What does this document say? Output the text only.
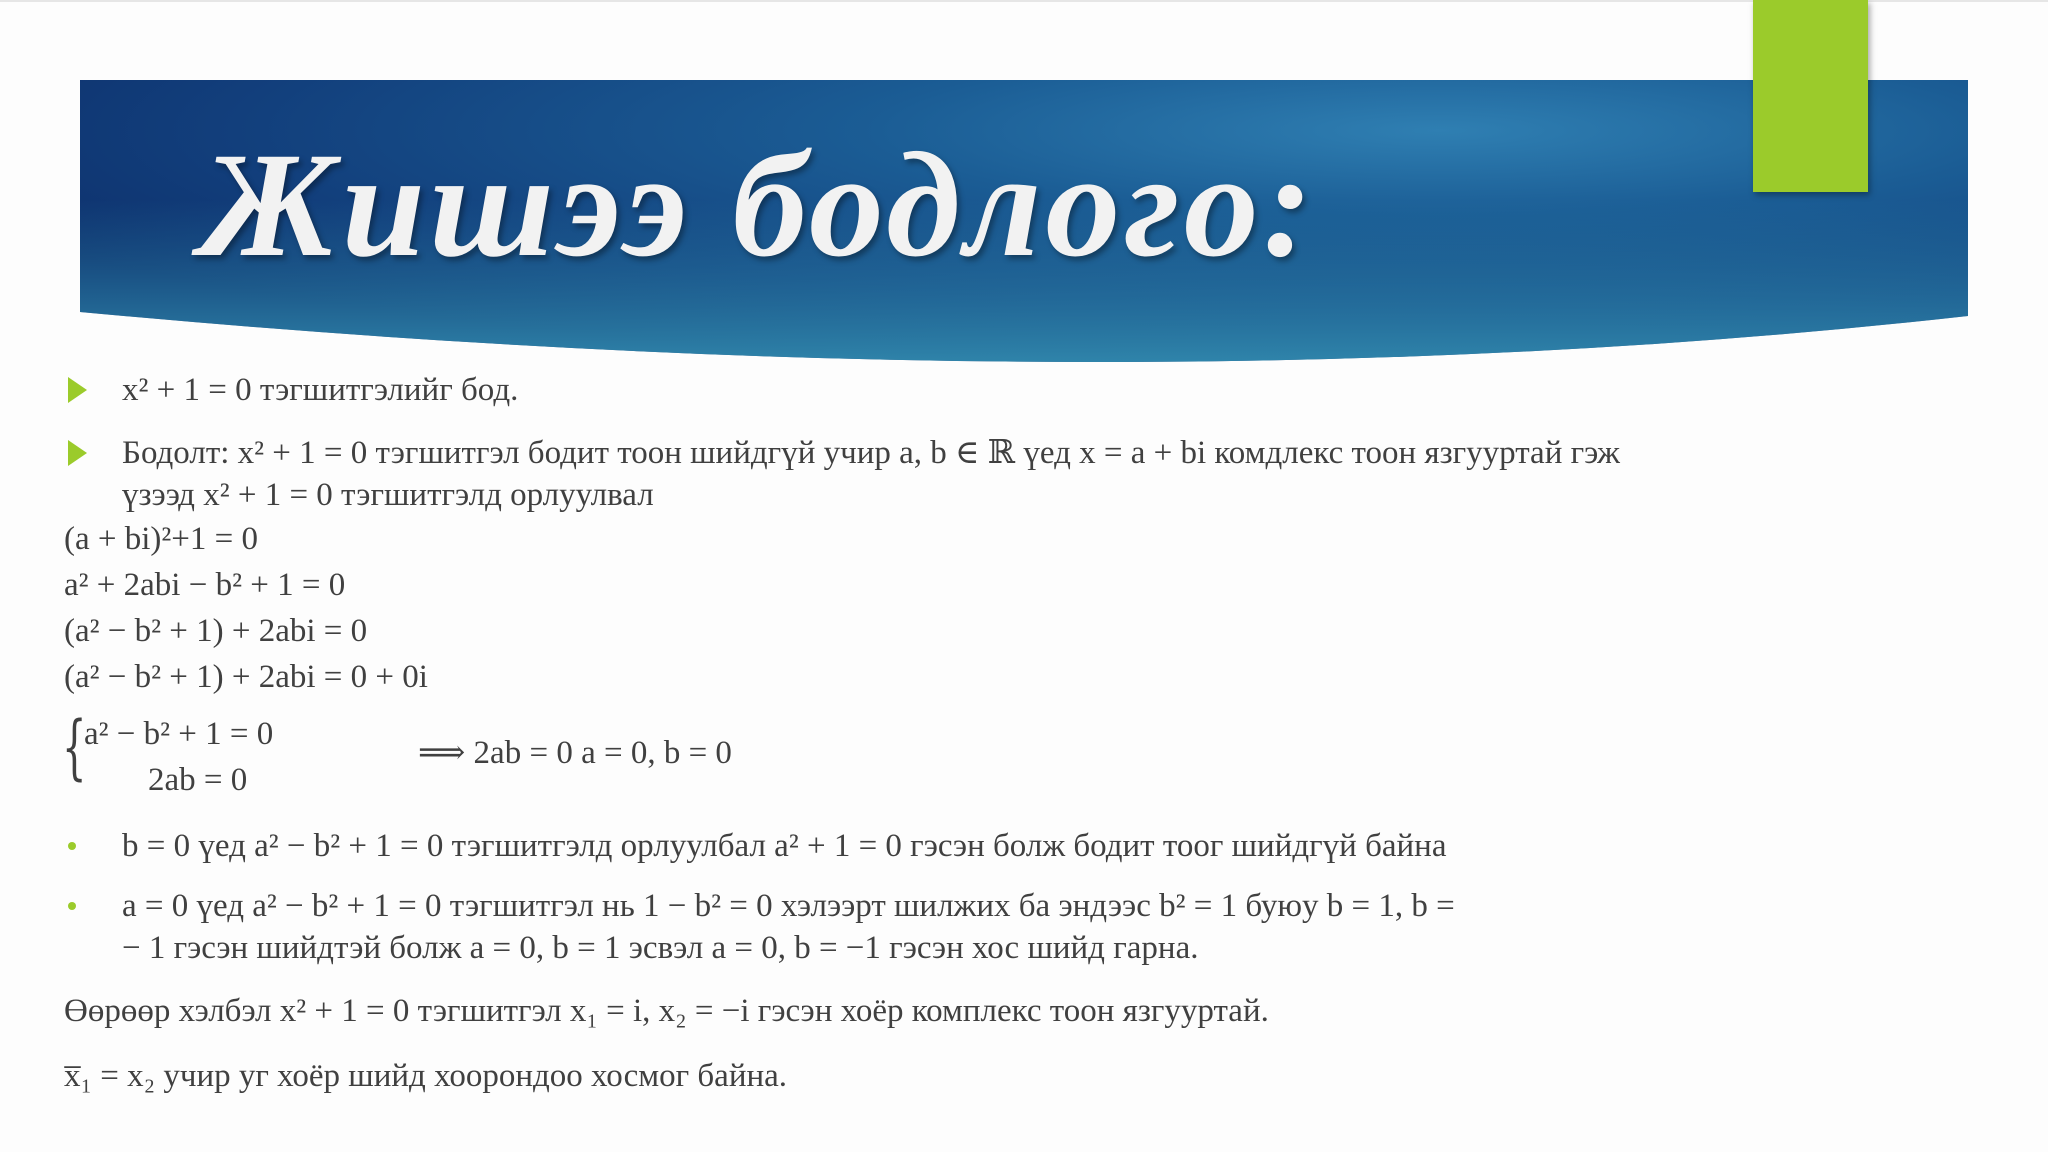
Жишээ бодлого:
x² + 1 = 0 тэгшитгэлийг бод.
Бодолт: x² + 1 = 0 тэгшитгэл бодит тоон шийдгүй учир a, b ∈ ℝ үед x = a + bi комдлекс тоон язгууртай гэж
үзээд x² + 1 = 0 тэгшитгэлд орлуулвал
(a + bi)²+1 = 0
a² + 2abi − b² + 1 = 0
(a² − b² + 1) + 2abi = 0
(a² − b² + 1) + 2abi = 0 + 0i
{
a² − b² + 1 = 0
2ab = 0
⟹ 2ab = 0 a = 0, b = 0
b = 0 үед a² − b² + 1 = 0 тэгшитгэлд орлуулбал a² + 1 = 0 гэсэн болж бодит тоог шийдгүй байна
a = 0 үед a² − b² + 1 = 0 тэгшитгэл нь 1 − b² = 0 хэлээрт шилжих ба эндээс b² = 1 буюу b = 1, b =
− 1 гэсэн шийдтэй болж a = 0, b = 1 эсвэл a = 0, b = −1 гэсэн хос шийд гарна.
Өөрөөр хэлбэл x² + 1 = 0 тэгшитгэл x₁ = i, x₂ = −i гэсэн хоёр комплекс тоон язгууртай.
x̅₁ = x₂ учир уг хоёр шийд хоорондоо хосмог байна.
